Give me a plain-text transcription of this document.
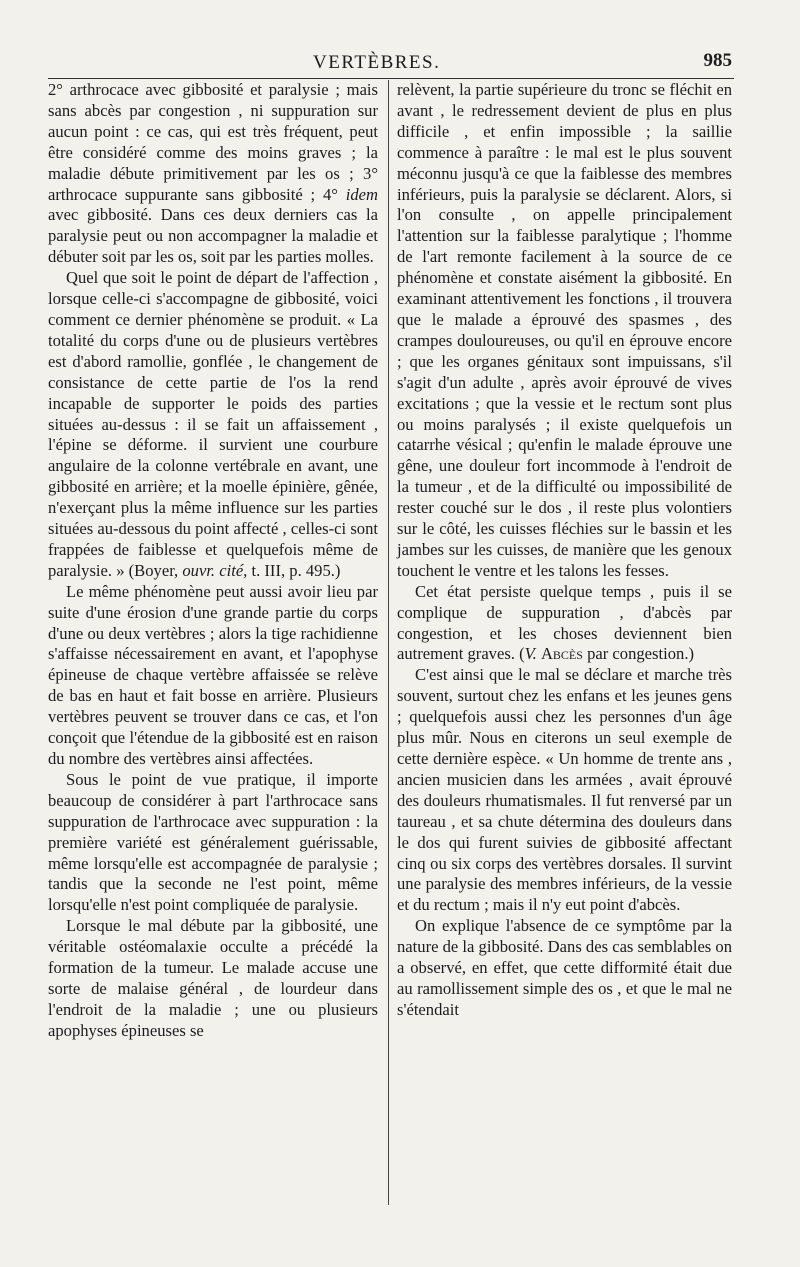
VERTÈBRES.	985

2° arthrocace avec gibbosité et paralysie ; mais sans abcès par congestion , ni suppuration sur aucun point : ce cas, qui est très fréquent, peut être considéré comme des moins graves ; la maladie débute primitivement par les os ; 3° arthrocace suppurante sans gibbosité ; 4° idem avec gibbosité. Dans ces deux derniers cas la paralysie peut ou non accompagner la maladie et débuter soit par les os, soit par les parties molles.

Quel que soit le point de départ de l'affection , lorsque celle-ci s'accompagne de gibbosité, voici comment ce dernier phénomène se produit. « La totalité du corps d'une ou de plusieurs vertèbres est d'abord ramollie, gonflée , le changement de consistance de cette partie de l'os la rend incapable de supporter le poids des parties situées au-dessus : il se fait un affaissement , l'épine se déforme. il survient une courbure angulaire de la colonne vertébrale en avant, une gibbosité en arrière; et la moelle épinière, gênée, n'exerçant plus la même influence sur les parties situées au-dessous du point affecté , celles-ci sont frappées de faiblesse et quelquefois même de paralysie. » (Boyer, ouvr. cité, t. III, p. 495.)

Le même phénomène peut aussi avoir lieu par suite d'une érosion d'une grande partie du corps d'une ou deux vertèbres ; alors la tige rachidienne s'affaisse nécessairement en avant, et l'apophyse épineuse de chaque vertèbre affaissée se relève de bas en haut et fait bosse en arrière. Plusieurs vertèbres peuvent se trouver dans ce cas, et l'on conçoit que l'étendue de la gibbosité est en raison du nombre des vertèbres ainsi affectées.

Sous le point de vue pratique, il importe beaucoup de considérer à part l'arthrocace sans suppuration de l'arthrocace avec suppuration : la première variété est généralement guérissable, même lorsqu'elle est accompagnée de paralysie ; tandis que la seconde ne l'est point, même lorsqu'elle n'est point compliquée de paralysie.

Lorsque le mal débute par la gibbosité, une véritable ostéomalaxie occulte a précédé la formation de la tumeur. Le malade accuse une sorte de malaise général , de lourdeur dans l'endroit de la maladie ; une ou plusieurs apophyses épineuses se

relèvent, la partie supérieure du tronc se fléchit en avant , le redressement devient de plus en plus difficile , et enfin impossible ; la saillie commence à paraître : le mal est le plus souvent méconnu jusqu'à ce que la faiblesse des membres inférieurs, puis la paralysie se déclarent. Alors, si l'on consulte , on appelle principalement l'attention sur la faiblesse paralytique ; l'homme de l'art remonte facilement à la source de ce phénomène et constate aisément la gibbosité. En examinant attentivement les fonctions , il trouvera que le malade a éprouvé des spasmes , des crampes douloureuses, ou qu'il en éprouve encore ; que les organes génitaux sont impuissans, s'il s'agit d'un adulte , après avoir éprouvé de vives excitations ; que la vessie et le rectum sont plus ou moins paralysés ; il existe quelquefois un catarrhe vésical ; qu'enfin le malade éprouve une gêne, une douleur fort incommode à l'endroit de la tumeur , et de la difficulté ou impossibilité de rester couché sur le dos , il reste plus volontiers sur le côté, les cuisses fléchies sur le bassin et les jambes sur les cuisses, de manière que les genoux touchent le ventre et les talons les fesses.

Cet état persiste quelque temps , puis il se complique de suppuration , d'abcès par congestion, et les choses deviennent bien autrement graves. (V. Abcès par congestion.)

C'est ainsi que le mal se déclare et marche très souvent, surtout chez les enfans et les jeunes gens ; quelquefois aussi chez les personnes d'un âge plus mûr. Nous en citerons un seul exemple de cette dernière espèce. « Un homme de trente ans , ancien musicien dans les armées , avait éprouvé des douleurs rhumatismales. Il fut renversé par un taureau , et sa chute détermina des douleurs dans le dos qui furent suivies de gibbosité affectant cinq ou six corps des vertèbres dorsales. Il survint une paralysie des membres inférieurs, de la vessie et du rectum ; mais il n'y eut point d'abcès.

On explique l'absence de ce symptôme par la nature de la gibbosité. Dans des cas semblables on a observé, en effet, que cette difformité était due au ramollissement simple des os , et que le mal ne s'étendait
